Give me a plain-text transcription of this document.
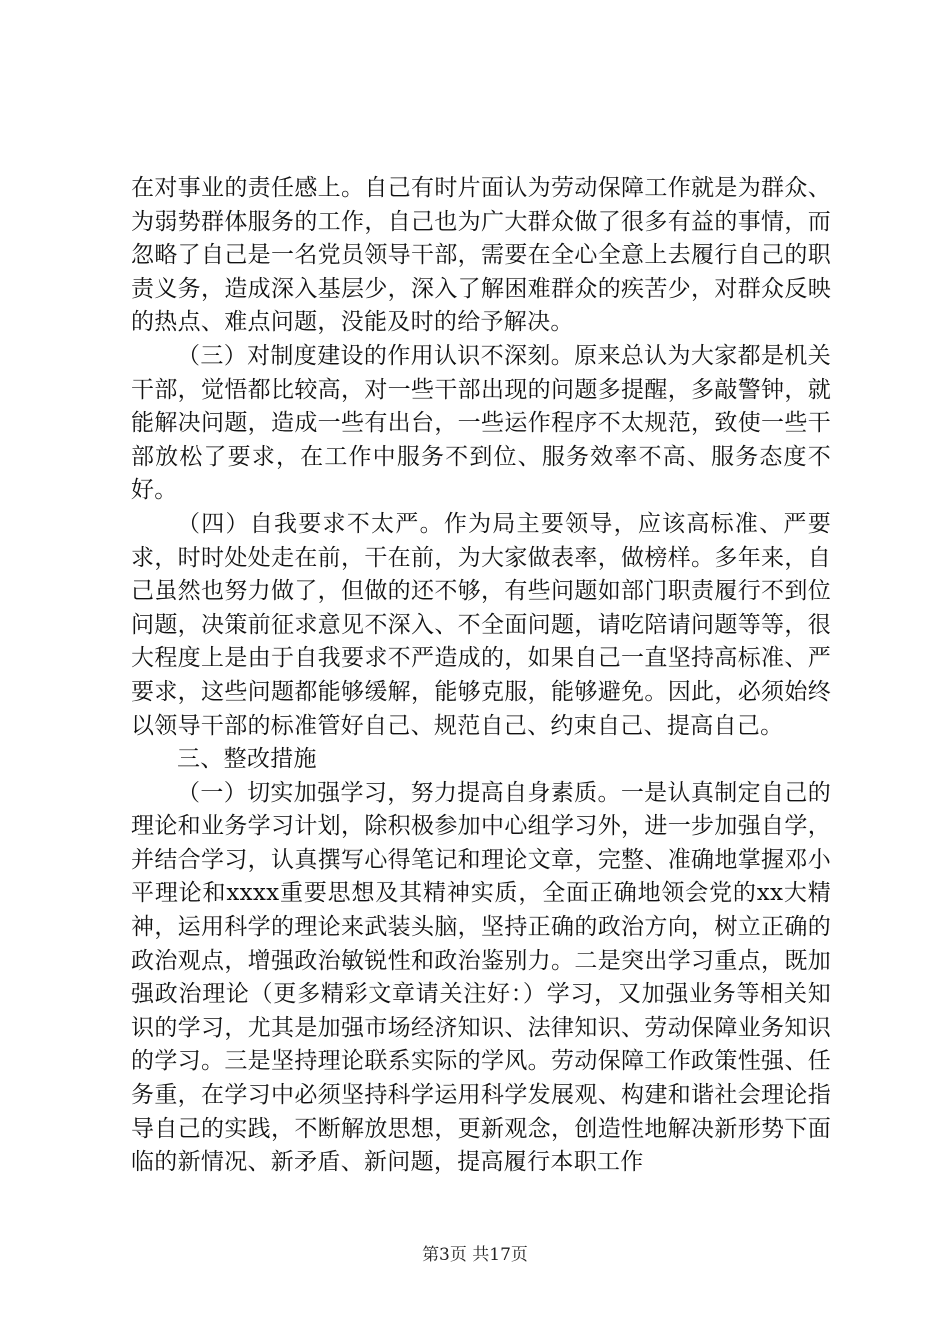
在对事业的责任感上。自己有时片面认为劳动保障工作就是为群众、为弱势群体服务的工作，自己也为广大群众做了很多有益的事情，而忽略了自己是一名党员领导干部，需要在全心全意上去履行自己的职责义务，造成深入基层少，深入了解困难群众的疾苦少，对群众反映的热点、难点问题，没能及时的给予解决。

（三）对制度建设的作用认识不深刻。原来总认为大家都是机关干部，觉悟都比较高，对一些干部出现的问题多提醒，多敲警钟，就能解决问题，造成一些有出台，一些运作程序不太规范，致使一些干部放松了要求，在工作中服务不到位、服务效率不高、服务态度不好。

（四）自我要求不太严。作为局主要领导，应该高标准、严要求，时时处处走在前，干在前，为大家做表率，做榜样。多年来，自己虽然也努力做了，但做的还不够，有些问题如部门职责履行不到位问题，决策前征求意见不深入、不全面问题，请吃陪请问题等等，很大程度上是由于自我要求不严造成的，如果自己一直坚持高标准、严要求，这些问题都能够缓解，能够克服，能够避免。因此，必须始终以领导干部的标准管好自己、规范自己、约束自己、提高自己。

三、整改措施

（一）切实加强学习，努力提高自身素质。一是认真制定自己的理论和业务学习计划，除积极参加中心组学习外，进一步加强自学，并结合学习，认真撰写心得笔记和理论文章，完整、准确地掌握邓小平理论和xxxx重要思想及其精神实质，全面正确地领会党的xx大精神，运用科学的理论来武装头脑，坚持正确的政治方向，树立正确的政治观点，增强政治敏锐性和政治鉴别力。二是突出学习重点，既加强政治理论（更多精彩文章请关注好：）学习，又加强业务等相关知识的学习，尤其是加强市场经济知识、法律知识、劳动保障业务知识的学习。三是坚持理论联系实际的学风。劳动保障工作政策性强、任务重，在学习中必须坚持科学运用科学发展观、构建和谐社会理论指导自己的实践，不断解放思想，更新观念，创造性地解决新形势下面临的新情况、新矛盾、新问题，提高履行本职工作

第3页 共17页
